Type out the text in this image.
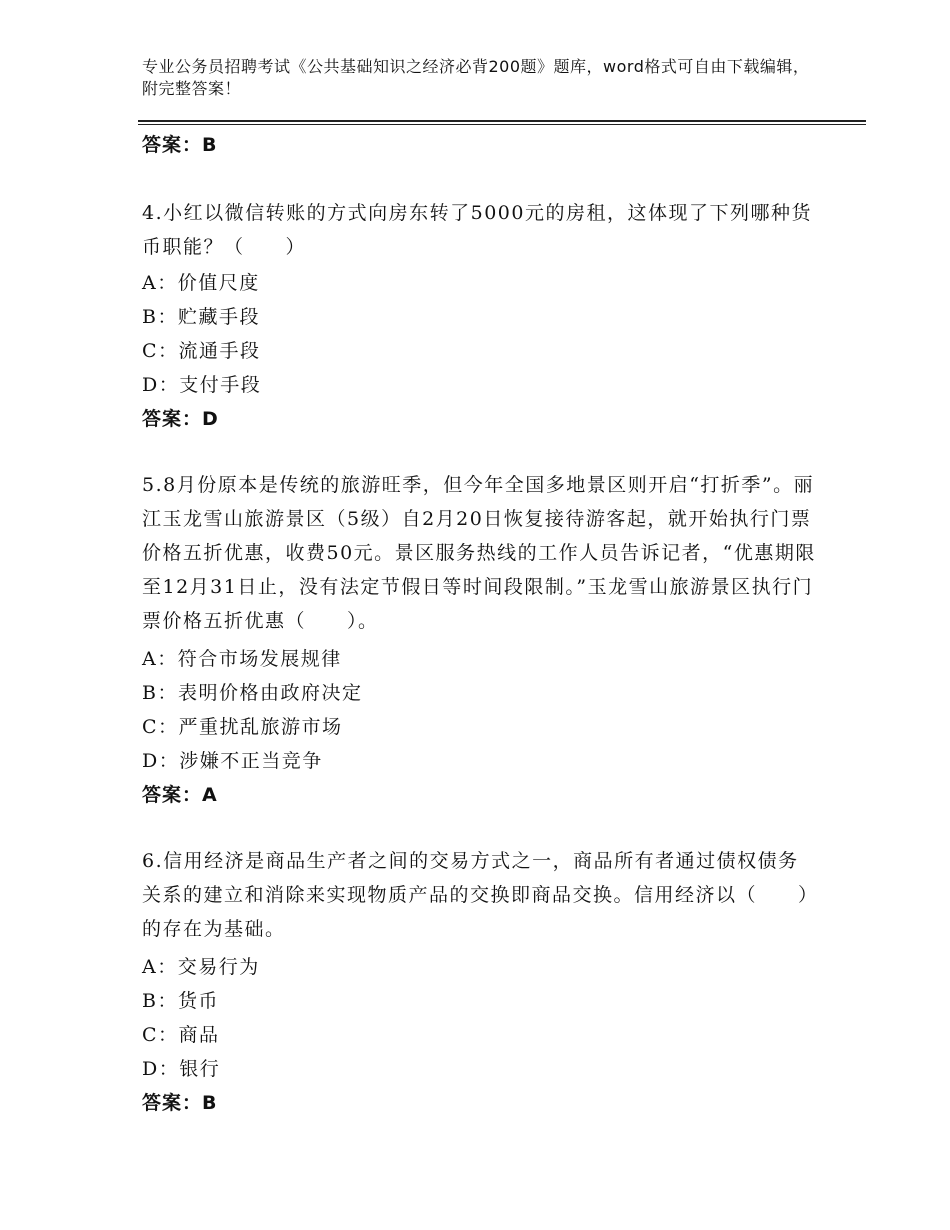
专业公务员招聘考试《公共基础知识之经济必背200题》题库，word格式可自由下载编辑，附完整答案！
答案：B
4.小红以微信转账的方式向房东转了5000元的房租，这体现了下列哪种货币职能？（　　）
A：价值尺度
B：贮藏手段
C：流通手段
D：支付手段
答案：D
5.8月份原本是传统的旅游旺季，但今年全国多地景区则开启“打折季”。丽江玉龙雪山旅游景区（5级）自2月20日恢复接待游客起，就开始执行门票价格五折优惠，收费50元。景区服务热线的工作人员告诉记者，“优惠期限至12月31日止，没有法定节假日等时间段限制。”玉龙雪山旅游景区执行门票价格五折优惠（　　）。
A：符合市场发展规律
B：表明价格由政府决定
C：严重扰乱旅游市场
D：涉嫌不正当竞争
答案：A
6.信用经济是商品生产者之间的交易方式之一，商品所有者通过债权债务关系的建立和消除来实现物质产品的交换即商品交换。信用经济以（　　）的存在为基础。
A：交易行为
B：货币
C：商品
D：银行
答案：B
